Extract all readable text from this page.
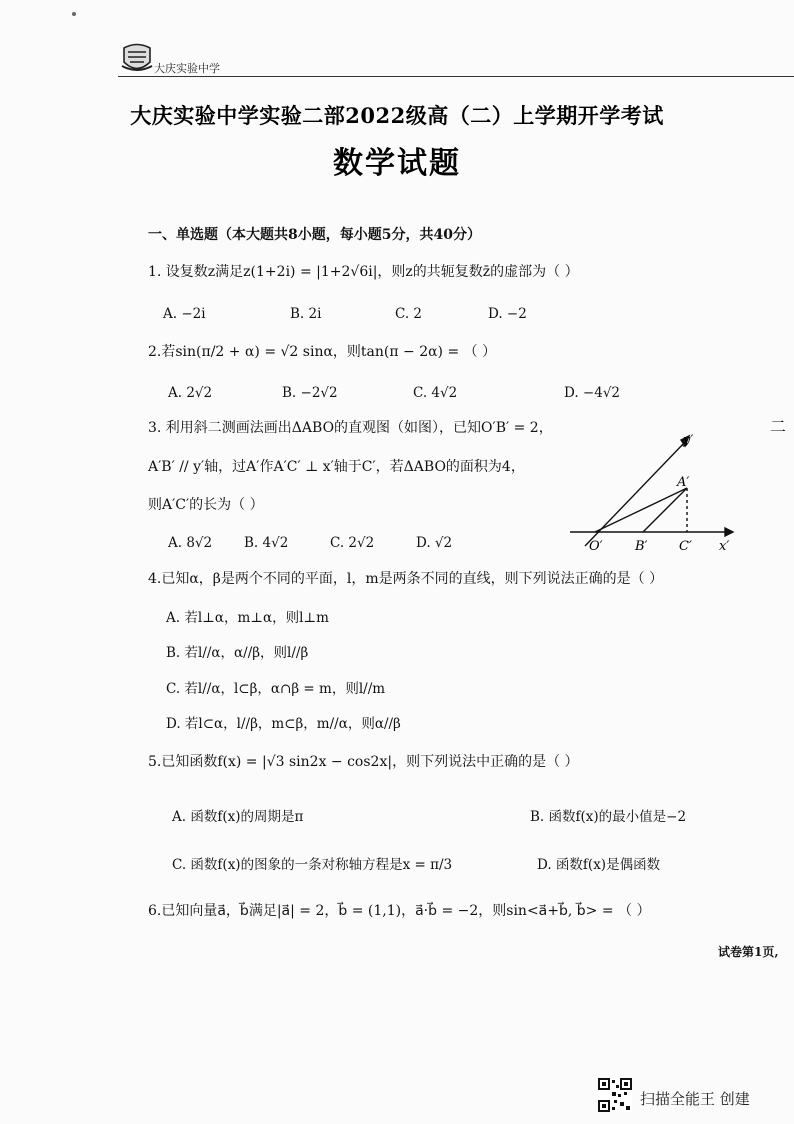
大庆实验中学
大庆实验中学实验二部2022级高（二）上学期开学考试
数学试题
一、单选题（本大题共8小题，每小题5分，共40分）
1. 设复数z满足z(1+2i) = |1+2√6i|，则z的共轭复数z̄的虚部为（ ）
A. −2i	B. 2i	C. 2	D. −2
2.若sin(π/2 + α) = √2 sinα，则tan(π − 2α) = （ ）
A. 2√2	B. −2√2	C. 4√2	D. −4√2
二
3. 利用斜二测画法画出ΔABO的直观图（如图），已知O′B′ = 2，
A′B′ // y′轴，过A′作A′C′ ⊥ x′轴于C′，若ΔABO的面积为4，
则A′C′的长为（ ）
A. 8√2 B. 4√2	C. 2√2	D. √2
y′
A′
O′ B′ C′ x′
4.已知α，β是两个不同的平面，l，m是两条不同的直线，则下列说法正确的是（ ）
A. 若l⊥α，m⊥α，则l⊥m
B. 若l//α，α//β，则l//β
C. 若l//α，l⊂β，α∩β = m，则l//m
D. 若l⊂α，l//β，m⊂β，m//α，则α//β
5.已知函数f(x) = |√3 sin2x − cos2x|，则下列说法中正确的是（ ）
A. 函数f(x)的周期是π	B. 函数f(x)的最小值是−2
C. 函数f(x)的图象的一条对称轴方程是x = π/3	D. 函数f(x)是偶函数
6.已知向量a⃗，b⃗满足|a⃗| = 2，b⃗ = (1,1)，a⃗·b⃗ = −2，则sin<a⃗+b⃗, b⃗> = （ ）
试卷第1页,
扫描全能王 创建
